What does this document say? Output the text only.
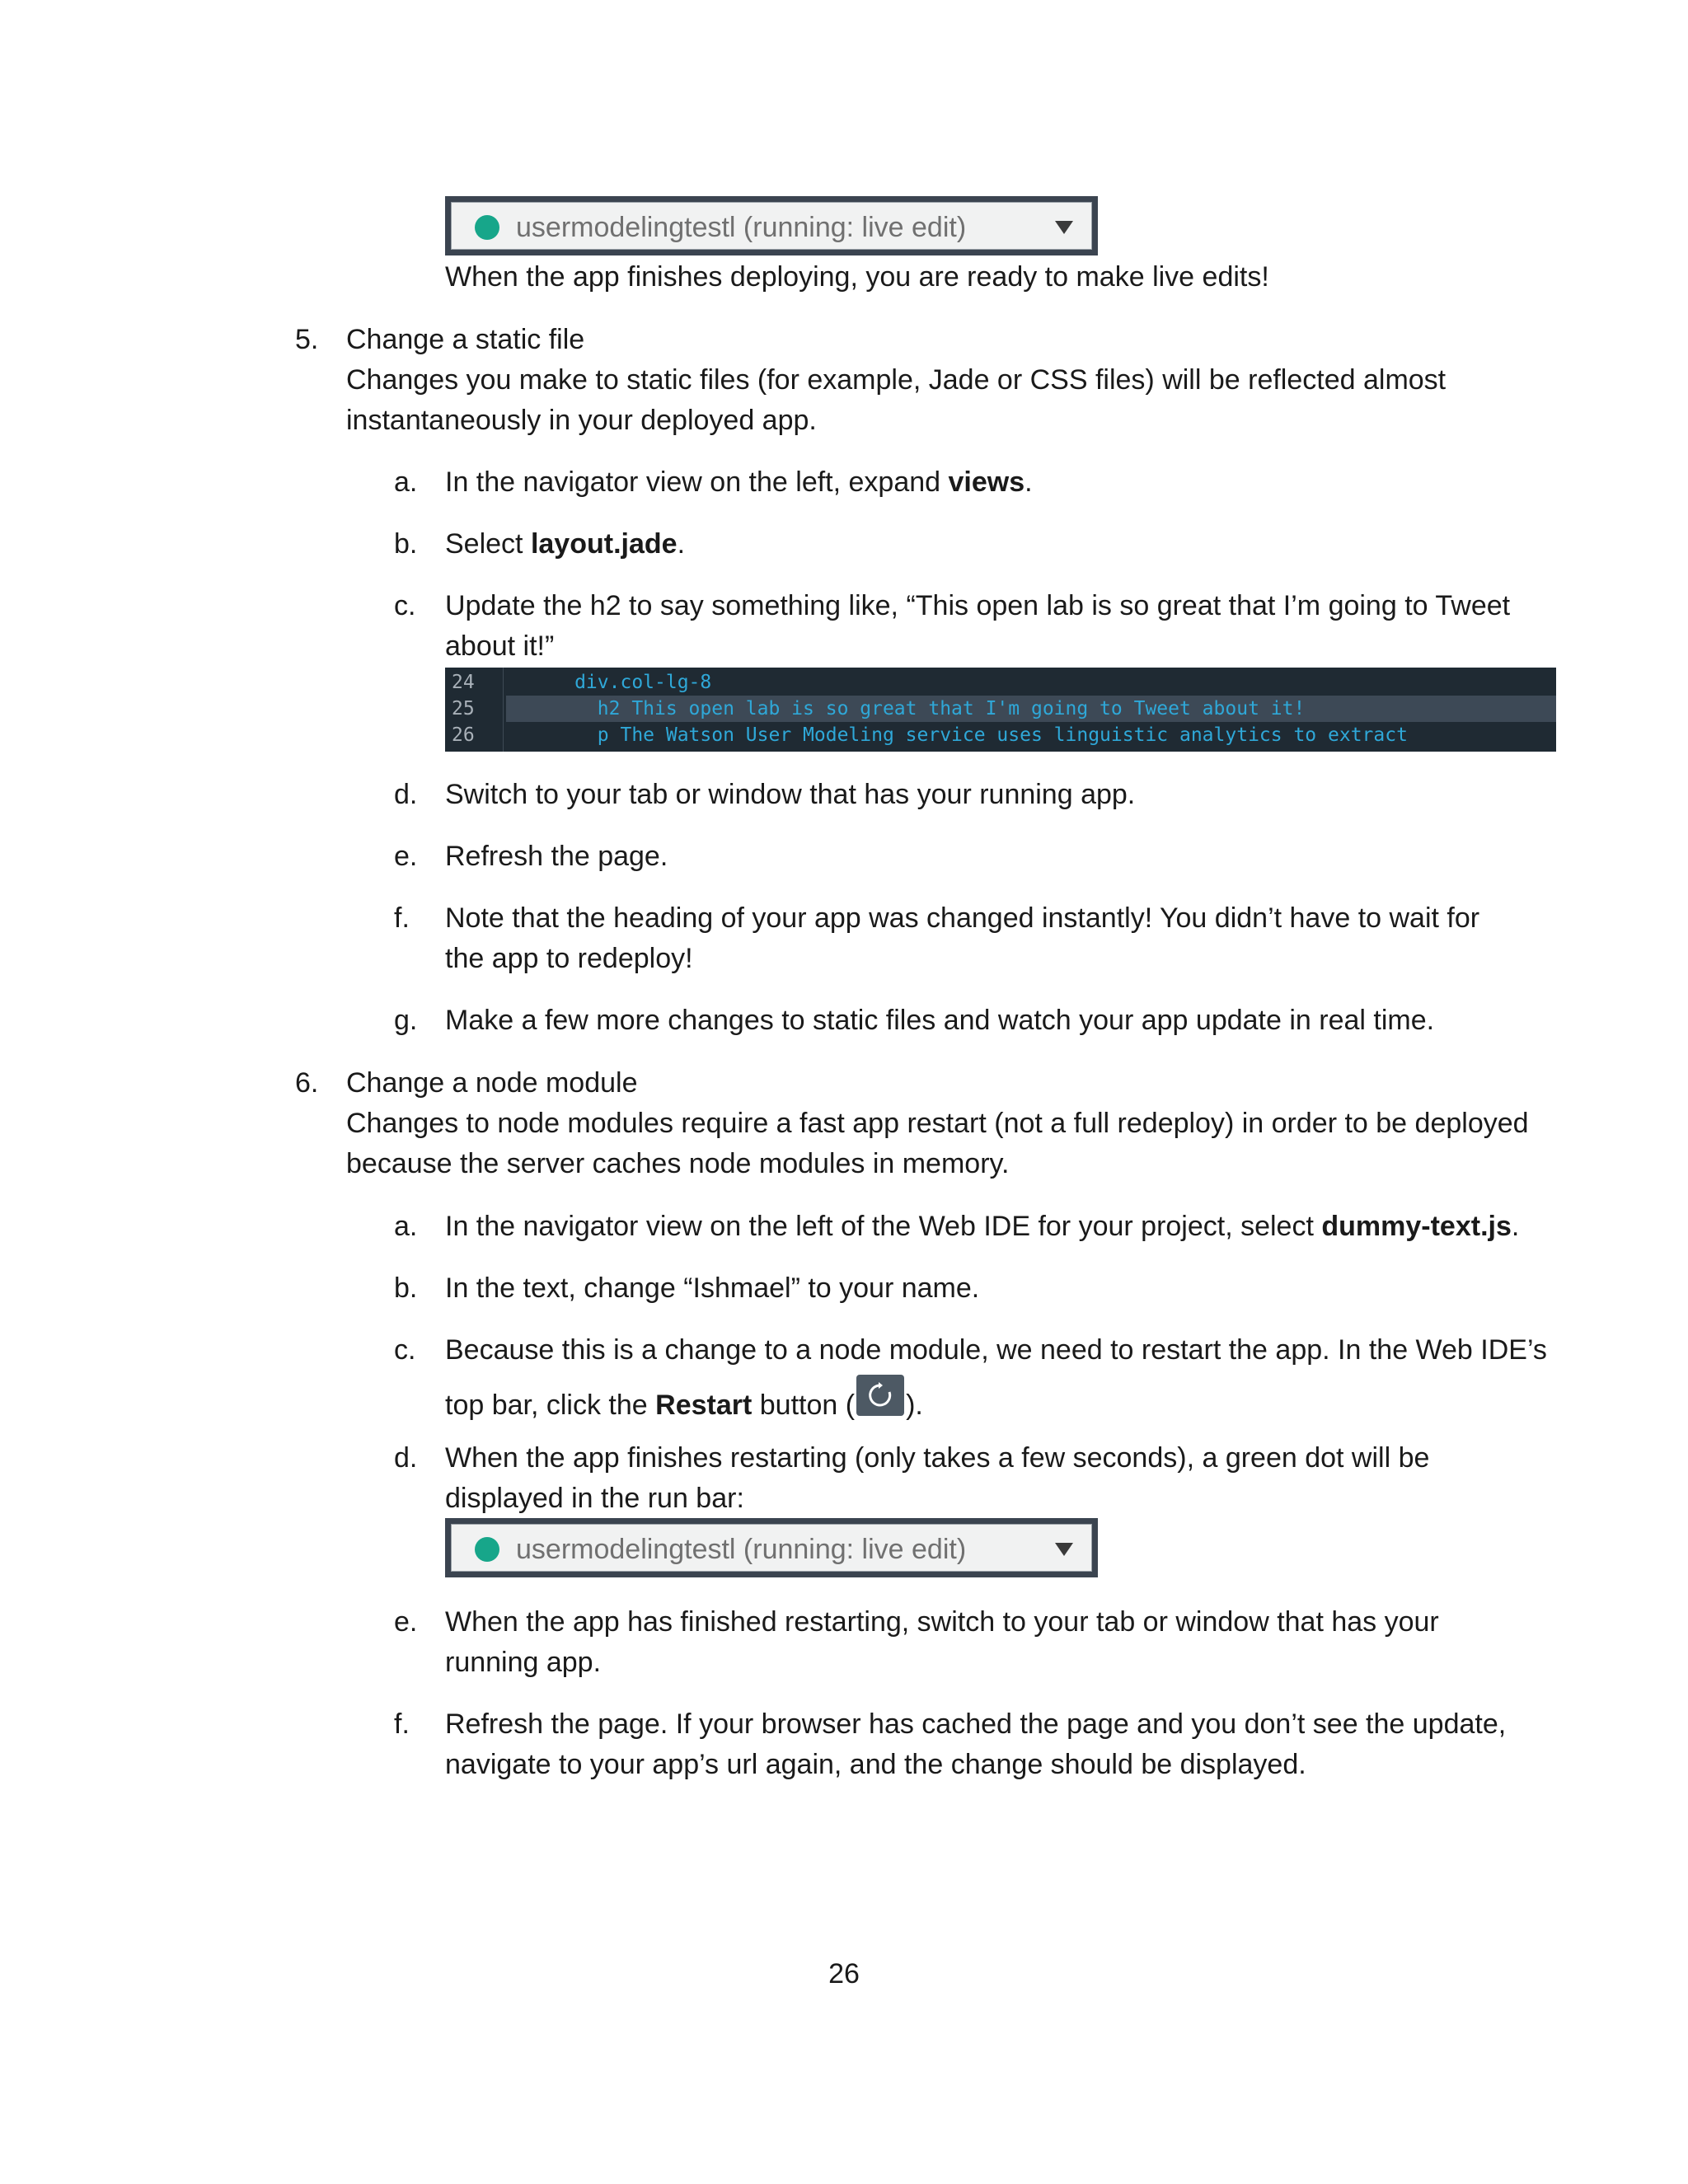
usermodelingtestl (running: live edit)
When the app finishes deploying, you are ready to make live edits!
5. Change a static file
Changes you make to static files (for example, Jade or CSS files) will be reflected almost
instantaneously in your deployed app.
a. In the navigator view on the left, expand views.
b. Select layout.jade.
c. Update the h2 to say something like, “This open lab is so great that I’m going to Tweet
about it!”
24
25
26
div.col-lg-8
h2 This open lab is so great that I'm going to Tweet about it!
p The Watson User Modeling service uses linguistic analytics to extract
d. Switch to your tab or window that has your running app.
e. Refresh the page.
f. Note that the heading of your app was changed instantly! You didn’t have to wait for
the app to redeploy!
g. Make a few more changes to static files and watch your app update in real time.
6. Change a node module
Changes to node modules require a fast app restart (not a full redeploy) in order to be deployed
because the server caches node modules in memory.
a. In the navigator view on the left of the Web IDE for your project, select dummy-text.js.
b. In the text, change “Ishmael” to your name.
c. Because this is a change to a node module, we need to restart the app. In the Web IDE’s
top bar, click the Restart button ( ).
d. When the app finishes restarting (only takes a few seconds), a green dot will be
displayed in the run bar:
usermodelingtestl (running: live edit)
e. When the app has finished restarting, switch to your tab or window that has your
running app.
f. Refresh the page. If your browser has cached the page and you don’t see the update,
navigate to your app’s url again, and the change should be displayed.
26
